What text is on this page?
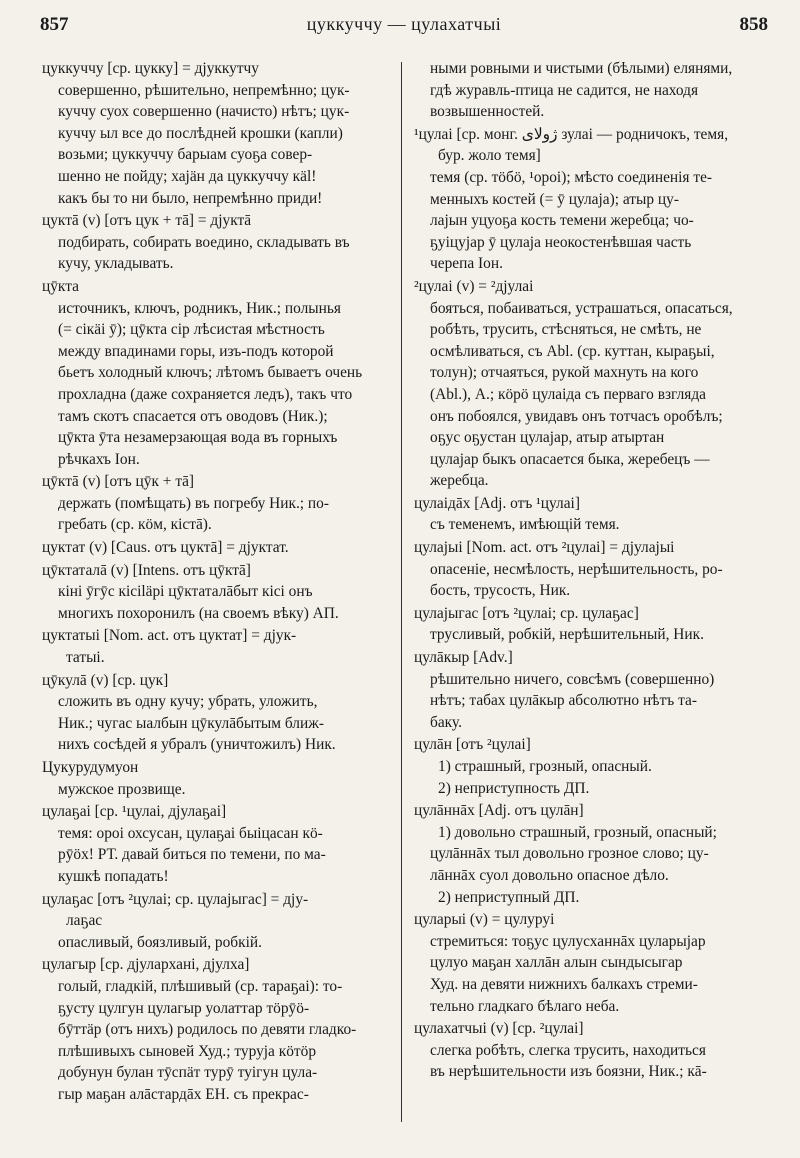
857	цуккуччу — цулахатчыі	858
цуккуччу [ср. цукку] = дјуккутчу
совершенно, рѣшительно, непремѣнно; цук-
куччу суох совершенно (начисто) нѣтъ; цук-
куччу ыл все до послѣдней крошки (капли)
возьми; цуккуччу барыам суоҕа совер-
шенно не пойду; хаjäн да цуккуччу кäl!
какъ бы то ни было, непремѣнно приди!
цуктā (v) [отъ цук + тā] = дјуктā
подбирать, собирать воедино, складывать въ
кучу, укладывать.
цӯкта
источникъ, ключъ, родникъ, Ник.; полынья
(= сікäі ӯ); цӯкта сір лѣсистая мѣстность
между впадинами горы, изъ-подъ которой
бьетъ холодный ключъ; лѣтомъ бываетъ очень
прохладна (даже сохраняется ледъ), такъ что
тамъ скотъ спасается отъ оводовъ (Ник.);
цӯкта ӯта незамерзающая вода въ горныхъ
рѣчкахъ Іон.
цӯктā (v) [отъ цӯк + тā]
держать (помѣщать) въ погребу Ник.; по-
гребать (ср. кӧм, кістā).
цуктат (v) [Caus. отъ цуктā] = дјуктат.
цӯктаталā (v) [Intens. отъ цӯктā]
кінi ӯгӯс кісiläрі цӯктаталāбыт кісі онъ
многихъ похоронилъ (на своемъ вѣку) АП.
цуктатыі [Nom. act. отъ цуктат] = дјук-
татыі.
цӯкулā (v) [ср. цук]
сложить въ одну кучу; убрать, уложить,
Ник.; чугас ыалбын цӯкулāбытым ближ-
нихъ сосѣдей я убралъ (уничтожилъ) Ник.
Цукурудумуон
мужское прозвище.
цулаҕаі [ср. ¹цулаі, дјулаҕаі]
темя: ороі охсусан, цулаҕаі быіцасан кӧ-
рӯӧх! РТ. давай биться по темени, по ма-
кушкѣ попадать!
цулаҕас [отъ ²цулаі; ср. цулајыгас] = дју-
лаҕас
опасливый, боязливый, робкій.
цулагыр [ср. дјуларханi, дјулха]
голый, гладкій, плѣшивый (ср. тараҕаі): то-
ҕусту цулгун цулагыр уолаттар тӧрӯӧ-
бӯттäр (отъ нихъ) родилось по девяти гладко-
плѣшивыхъ сыновей Худ.; туруја кӧтӧр
добунун булан тӯспäт турӯ туігун цула-
гыр маҕан алāстардāх ЕН. съ прекрас-
ными ровными и чистыми (бѣлыми) елянями,
гдѣ журавль-птица не садится, не находя
возвышенностей.
¹цулаі [ср. монг. ژولای зулаі — родничокъ, темя,
бур. жоло темя]
темя (ср. тӧбӧ, ¹ороі); мѣсто соединенія те-
менныхъ костей (= ӯ цулаја); атыр цу-
лајын уцуоҕа кость темени жеребца; чо-
ҕуіцујар ӯ цулаја неокостенѣвшая часть
черепа Іон.
²цулаі (v) = ²дјулаі
бояться, побаиваться, устрашаться, опасаться,
робѣть, трусить, стѣсняться, не смѣть, не
осмѣливаться, съ Abl. (ср. куттан, кыраҕыі,
толун); отчаяться, рукой махнуть на кого
(Abl.), А.; кӧрӧ цулаіда съ перваго взгляда
онъ побоялся, увидавъ онъ тотчасъ оробѣлъ;
оҕус оҕустан цулајар, атыр атыртан
цулајар быкъ опасается быка, жеребецъ —
жеребца.
цулаідāх [Adj. отъ ¹цулаі]
съ теменемъ, имѣющій темя.
цулајыі [Nom. act. отъ ²цулаі] = дјулајыі
опасеніе, несмѣлость, нерѣшительность, ро-
бость, трусость, Ник.
цулајыгас [отъ ²цулаі; ср. цулаҕас]
трусливый, робкій, нерѣшительный, Ник.
цулāкыр [Adv.]
рѣшительно ничего, совсѣмъ (совершенно)
нѣтъ; табах цулāкыр абсолютно нѣтъ та-
баку.
цулāн [отъ ²цулаі]
1) страшный, грозный, опасный.
2) неприступность ДП.
цулāннāх [Adj. отъ цулāн]
1) довольно страшный, грозный, опасный;
цулāннāх тыл довольно грозное слово; цу-
лāннāх суол довольно опасное дѣло.
2) неприступный ДП.
цуларыі (v) = цулуруі
стремиться: тоҕус цулусханнāх цуларыјар
цулуо маҕан халлāн алын сындысыгар
Худ. на девяти нижнихъ балкахъ стреми-
тельно гладкаго бѣлаго неба.
цулахатчыі (v) [ср. ²цулаі]
слегка робѣть, слегка трусить, находиться
въ нерѣшительности изъ боязни, Ник.; кā-
